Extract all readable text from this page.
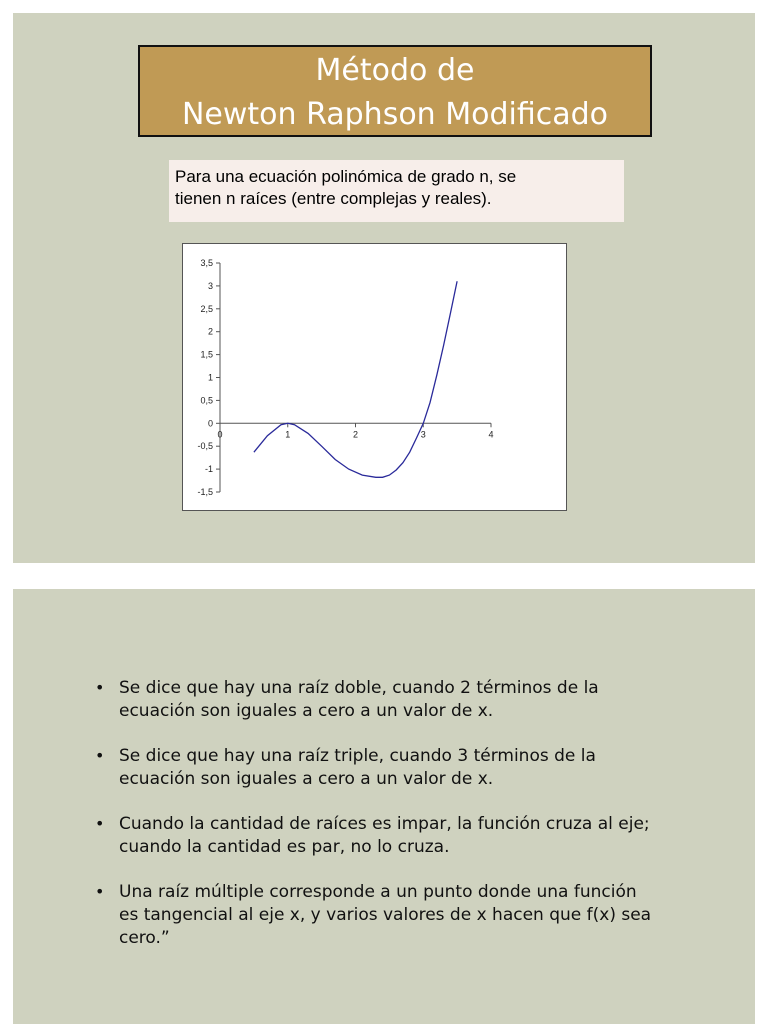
Método de
Newton Raphson Modificado
Para una ecuación polinómica de grado n, se
tienen n raíces (entre complejas y reales).
3,5
3
2,5
2
1,5
1
0,5
0
-0,5
-1
-1,5
0	1	2	3	4
• Se dice que hay una raíz doble, cuando 2 términos de la ecuación son iguales a cero a un valor de x.
• Se dice que hay una raíz triple, cuando 3 términos de la ecuación son iguales a cero a un valor de x.
• Cuando la cantidad de raíces es impar, la función cruza al eje; cuando la cantidad es par, no lo cruza.
• Una raíz múltiple corresponde a un punto donde una función es tangencial al eje x, y varios valores de x hacen que f(x) sea cero.”
